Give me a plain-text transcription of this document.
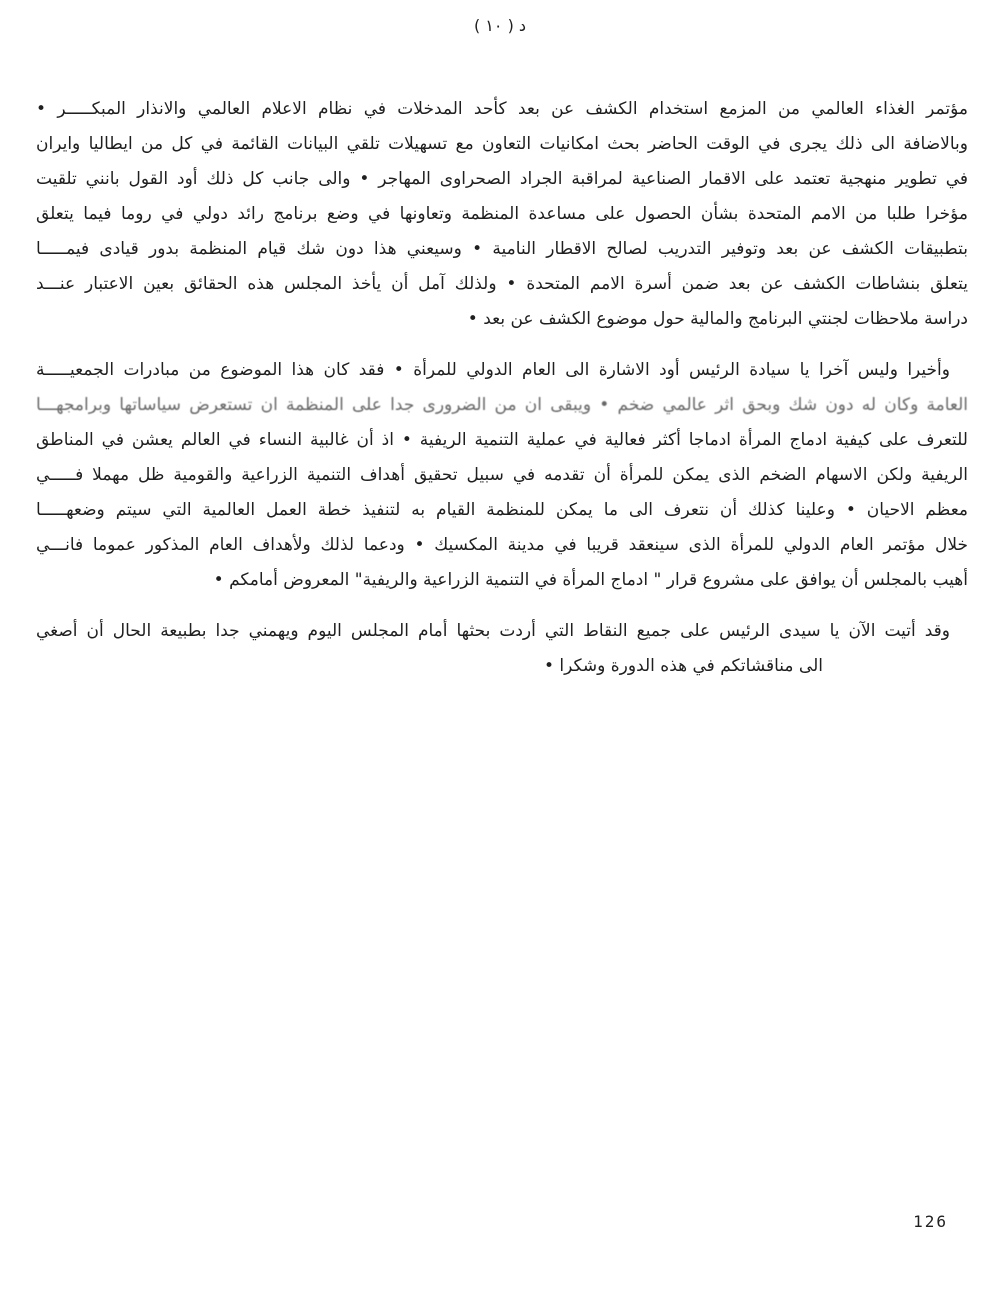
د ( ١٠ )

مؤتمر الغذاء العالمي من المزمع استخدام الكشف عن بعد كأحد المدخلات في نظام الاعلام العالمي والانذار المبكـــــر •
وبالاضافة الى ذلك يجرى في الوقت الحاضر بحث امكانيات التعاون مع تسهيلات تلقي البيانات القائمة في كل من ايطاليا وايران
في تطوير منهجية تعتمد على الاقمار الصناعية لمراقبة الجراد الصحراوى المهاجر • والى جانب كل ذلك أود القول بانني تلقيت
مؤخرا طلبا من الامم المتحدة بشأن الحصول على مساعدة المنظمة وتعاونها في وضع برنامج رائد دولي في روما فيما يتعلق
بتطبيقات الكشف عن بعد وتوفير التدريب لصالح الاقطار النامية • وسيعني هذا دون شك قيام المنظمة بدور قيادى فيمـــــا
يتعلق بنشاطات الكشف عن بعد ضمن أسرة الامم المتحدة • ولذلك آمل أن يأخذ المجلس هذه الحقائق بعين الاعتبار عنـــد
دراسة ملاحظات لجنتي البرنامج والمالية حول موضوع الكشف عن بعد •

وأخيرا وليس آخرا يا سيادة الرئيس أود الاشارة الى العام الدولي للمرأة • فقد كان هذا الموضوع من مبادرات الجمعيـــــة
العامة وكان له دون شك وبحق اثر عالمي ضخم • ويبقى ان من الضرورى جدا على المنظمة ان تستعرض سياساتها وبرامجهـــا
للتعرف على كيفية ادماج المرأة ادماجا أكثر فعالية في عملية التنمية الريفية • اذ أن غالبية النساء في العالم يعشن في المناطق
الريفية ولكن الاسهام الضخم الذى يمكن للمرأة أن تقدمه في سبيل تحقيق أهداف التنمية الزراعية والقومية ظل مهملا فـــــي
معظم الاحيان • وعلينا كذلك أن نتعرف الى ما يمكن للمنظمة القيام به لتنفيذ خطة العمل العالمية التي سيتم وضعهـــــا
خلال مؤتمر العام الدولي للمرأة الذى سينعقد قريبا في مدينة المكسيك • ودعما لذلك ولأهداف العام المذكور عموما فانـــي
أهيب بالمجلس أن يوافق على مشروع قرار " ادماج المرأة في التنمية الزراعية والريفية" المعروض أمامكم •

وقد أتيت الآن يا سيدى الرئيس على جميع النقاط التي أردت بحثها أمام المجلس اليوم ويهمني جدا بطبيعة الحال أن أصغي
الى مناقشاتكم في هذه الدورة وشكرا •

126
